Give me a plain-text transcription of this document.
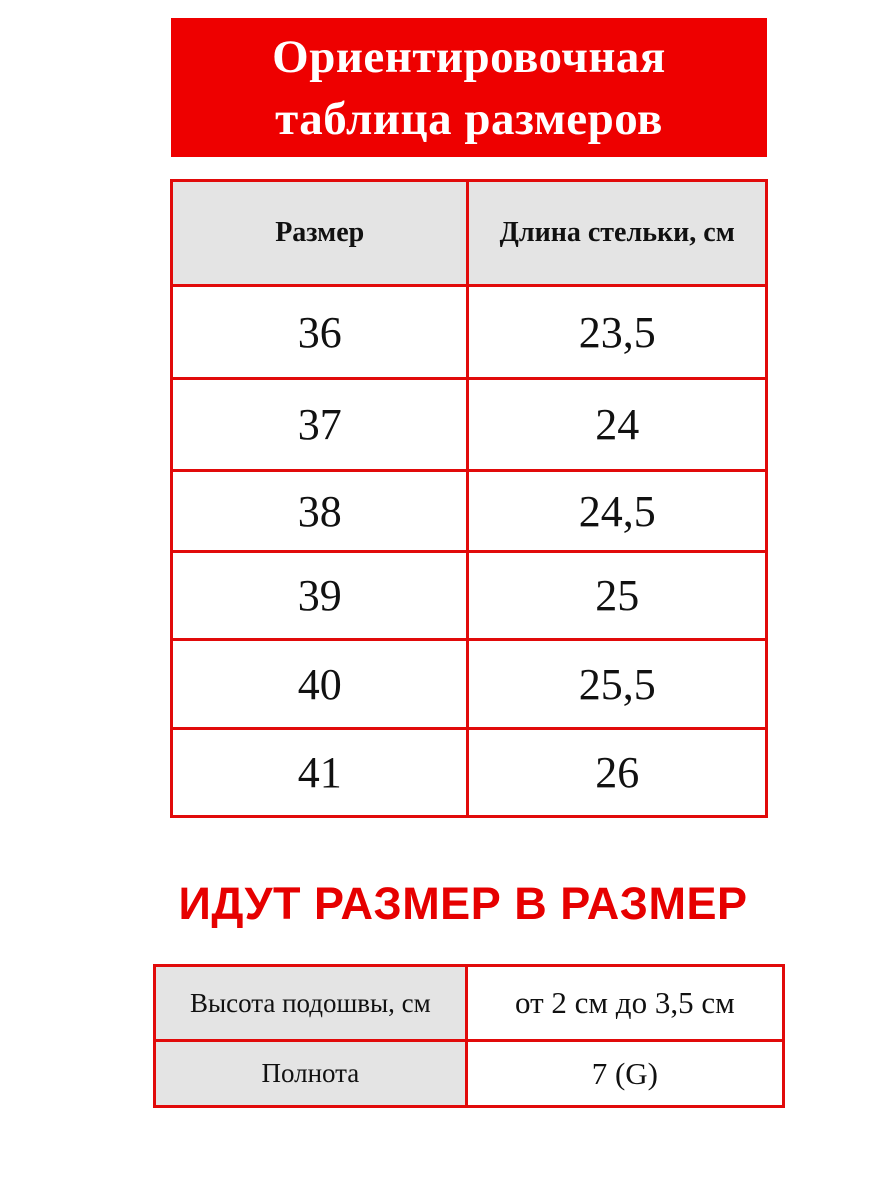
Ориентировочная
таблица размеров
Размер	Длина стельки, см
36	23,5
37	24
38	24,5
39	25
40	25,5
41	26
ИДУТ РАЗМЕР В РАЗМЕР
Высота подошвы, см	от 2 см до 3,5 см
Полнота	7 (G)
